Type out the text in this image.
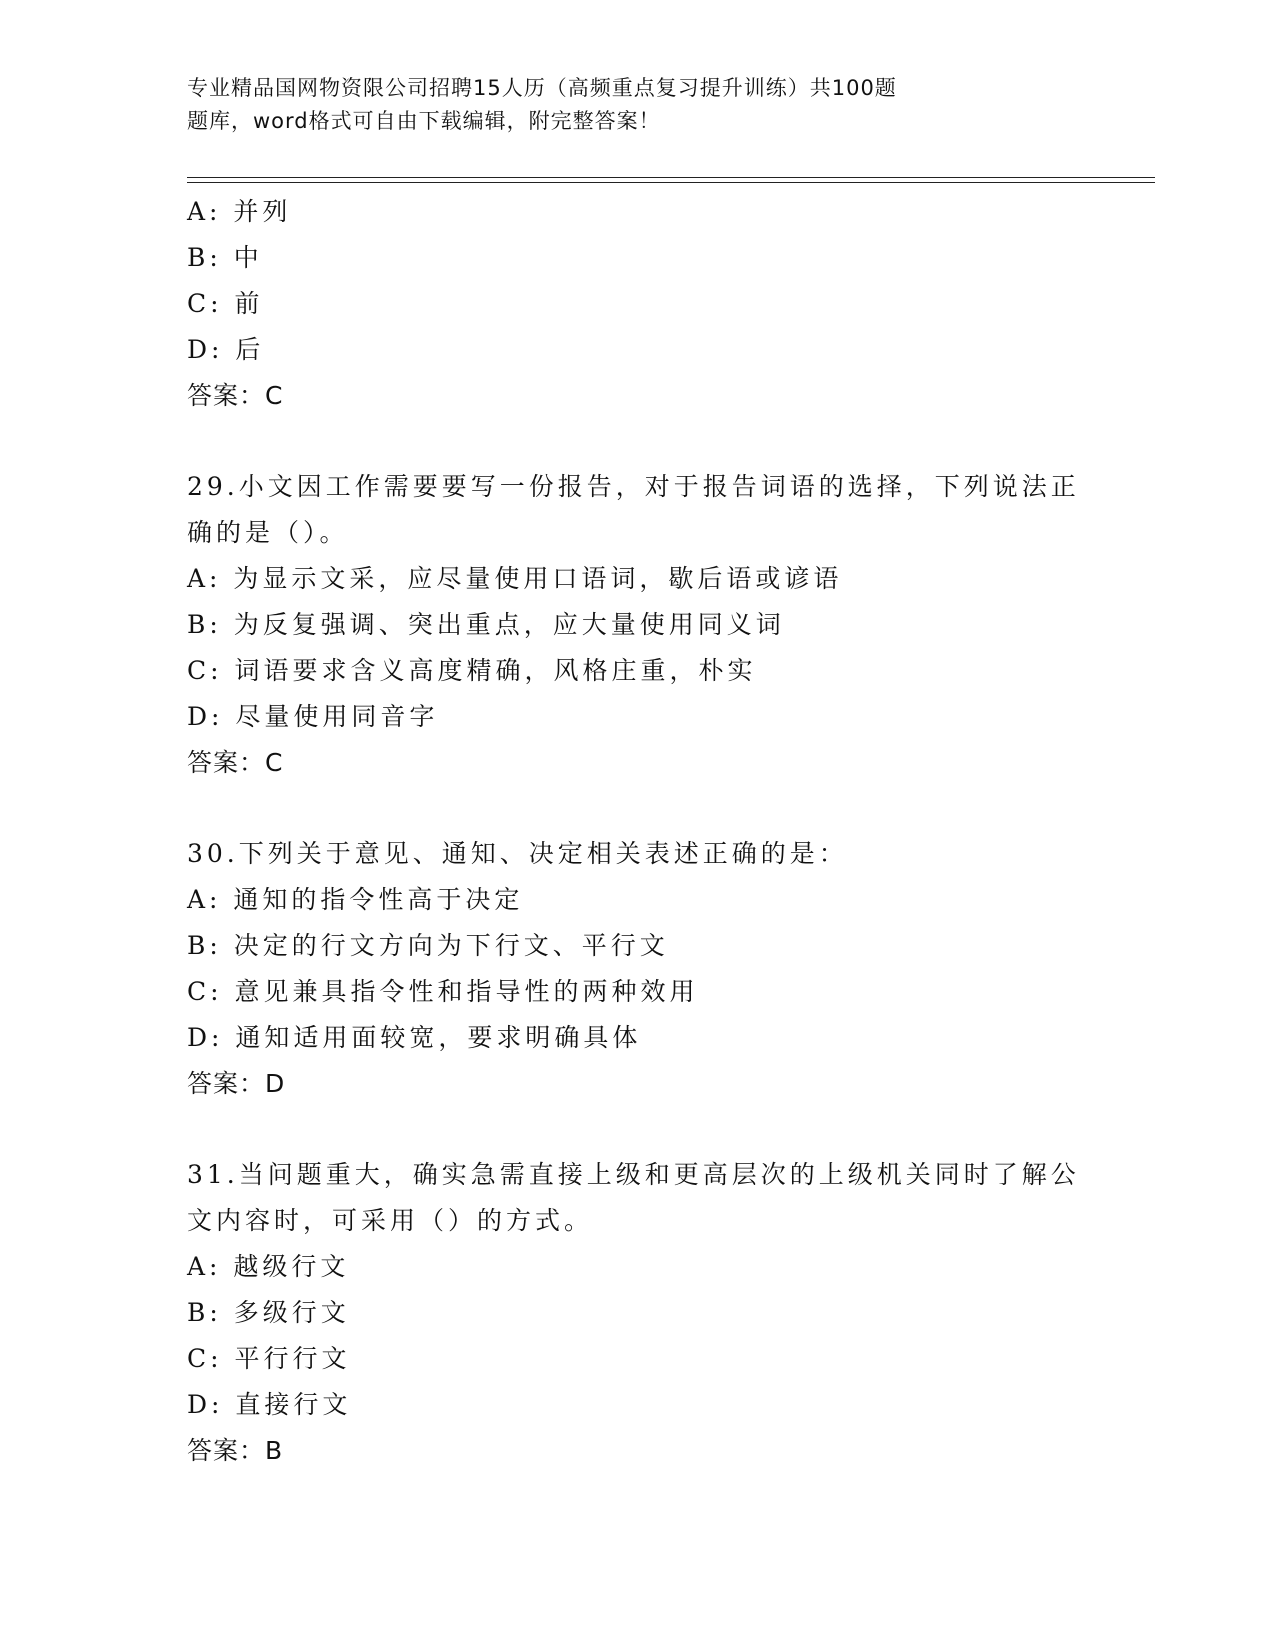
专业精品国网物资限公司招聘15人历（高频重点复习提升训练）共100题
题库，word格式可自由下载编辑，附完整答案！
A: 并列
B: 中
C: 前
D: 后
答案：C
29.小文因工作需要要写一份报告，对于报告词语的选择，下列说法正
确的是（）。
A: 为显示文采，应尽量使用口语词，歇后语或谚语
B: 为反复强调、突出重点，应大量使用同义词
C: 词语要求含义高度精确，风格庄重，朴实
D: 尽量使用同音字
答案：C
30.下列关于意见、通知、决定相关表述正确的是：
A: 通知的指令性高于决定
B: 决定的行文方向为下行文、平行文
C: 意见兼具指令性和指导性的两种效用
D: 通知适用面较宽，要求明确具体
答案：D
31.当问题重大，确实急需直接上级和更高层次的上级机关同时了解公
文内容时，可采用（）的方式。
A: 越级行文
B: 多级行文
C: 平行行文
D: 直接行文
答案：B
